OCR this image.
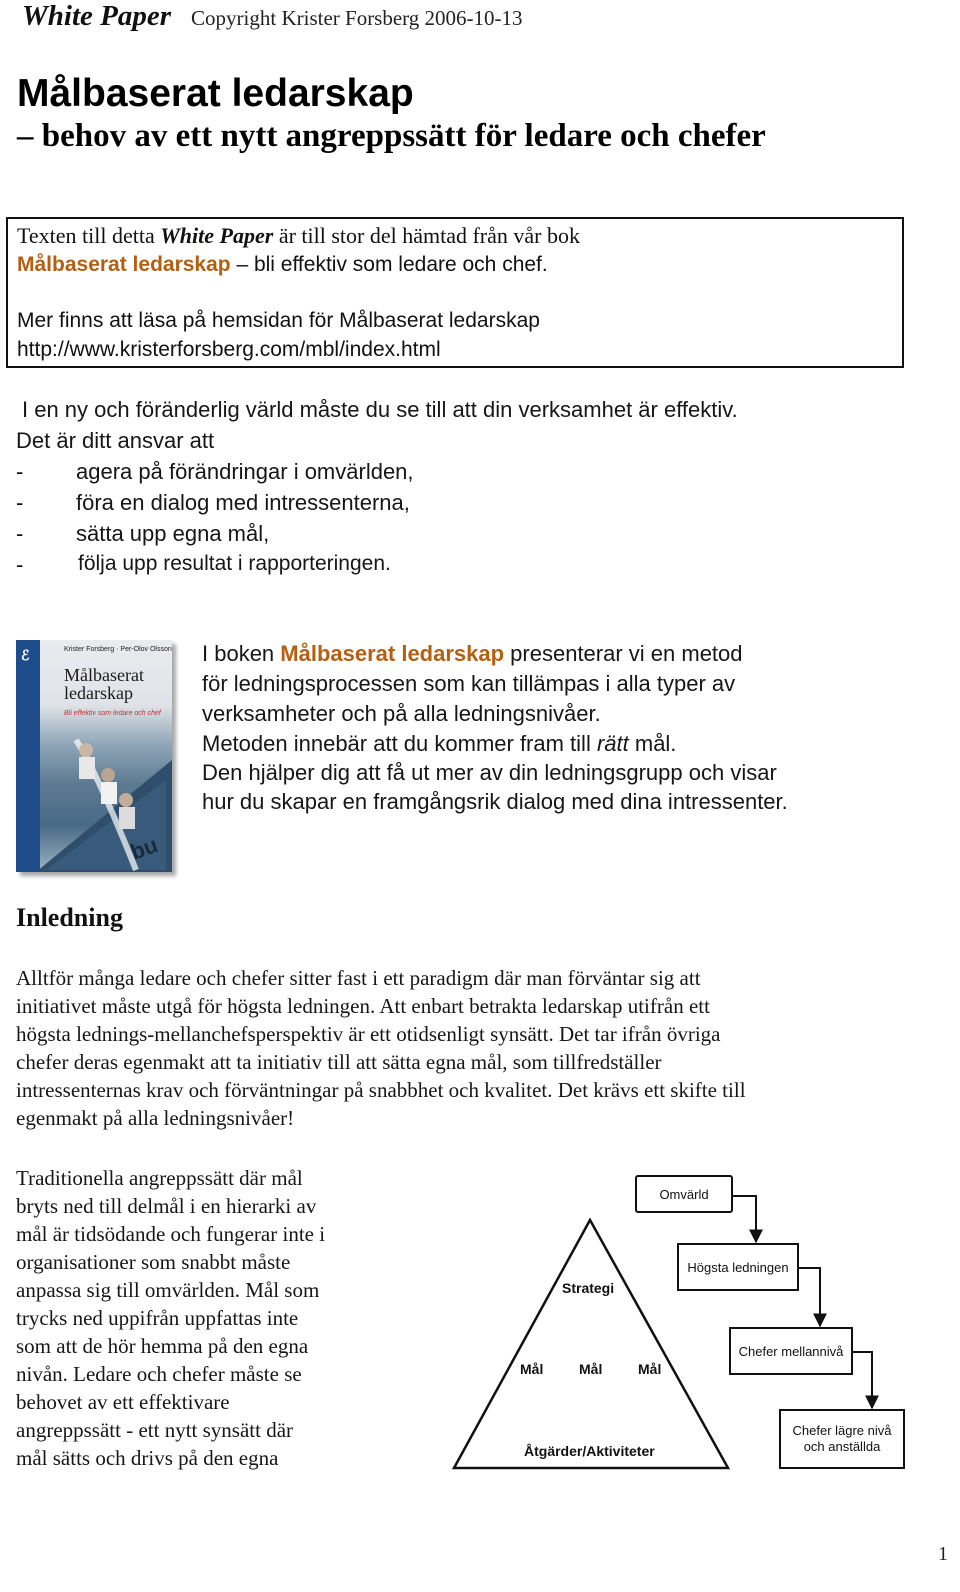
White Paper Copyright Krister Forsberg 2006-10-13
Målbaserat ledarskap
– behov av ett nytt angreppssätt för ledare och chefer
Texten till detta White Paper är till stor del hämtad från vår bok
Målbaserat ledarskap – bli effektiv som ledare och chef.
Mer finns att läsa på hemsidan för Målbaserat ledarskap
http://www.kristerforsberg.com/mbl/index.html
I en ny och föränderlig värld måste du se till att din verksamhet är effektiv.
Det är ditt ansvar att
- agera på förändringar i omvärlden,
- föra en dialog med intressenterna,
- sätta upp egna mål,
-	följa upp resultat i rapporteringen.
ℰ	Krister Forsberg · Per-Olov Olsson
Målbaserat
ledarskap
Bli effektiv som ledare och chef
bu
I boken Målbaserat ledarskap presenterar vi en metod
för ledningsprocessen som kan tillämpas i alla typer av
verksamheter och på alla ledningsnivåer.
Metoden innebär att du kommer fram till rätt mål.
Den hjälper dig att få ut mer av din ledningsgrupp och visar
hur du skapar en framgångsrik dialog med dina intressenter.
Inledning
Alltför många ledare och chefer sitter fast i ett paradigm där man förväntar sig att
initiativet måste utgå för högsta ledningen. Att enbart betrakta ledarskap utifrån ett
högsta lednings-mellanchefsperspektiv är ett otidsenligt synsätt. Det tar ifrån övriga
chefer deras egenmakt att ta initiativ till att sätta egna mål, som tillfredställer
intressenternas krav och förväntningar på snabbhet och kvalitet. Det krävs ett skifte till
egenmakt på alla ledningsnivåer!
Traditionella angreppssätt där mål
bryts ned till delmål i en hierarki av
mål är tidsödande och fungerar inte i
organisationer som snabbt måste
anpassa sig till omvärlden. Mål som
trycks ned uppifrån uppfattas inte
som att de hör hemma på den egna
nivån. Ledare och chefer måste se
behovet av ett effektivare
angreppssätt - ett nytt synsätt där
mål sätts och drivs på den egna
Strategi
Mål	Mål	Mål
Åtgärder/Aktiviteter
Omvärld
Högsta ledningen
Chefer mellannivå
Chefer lägre nivå
och anställda
1
